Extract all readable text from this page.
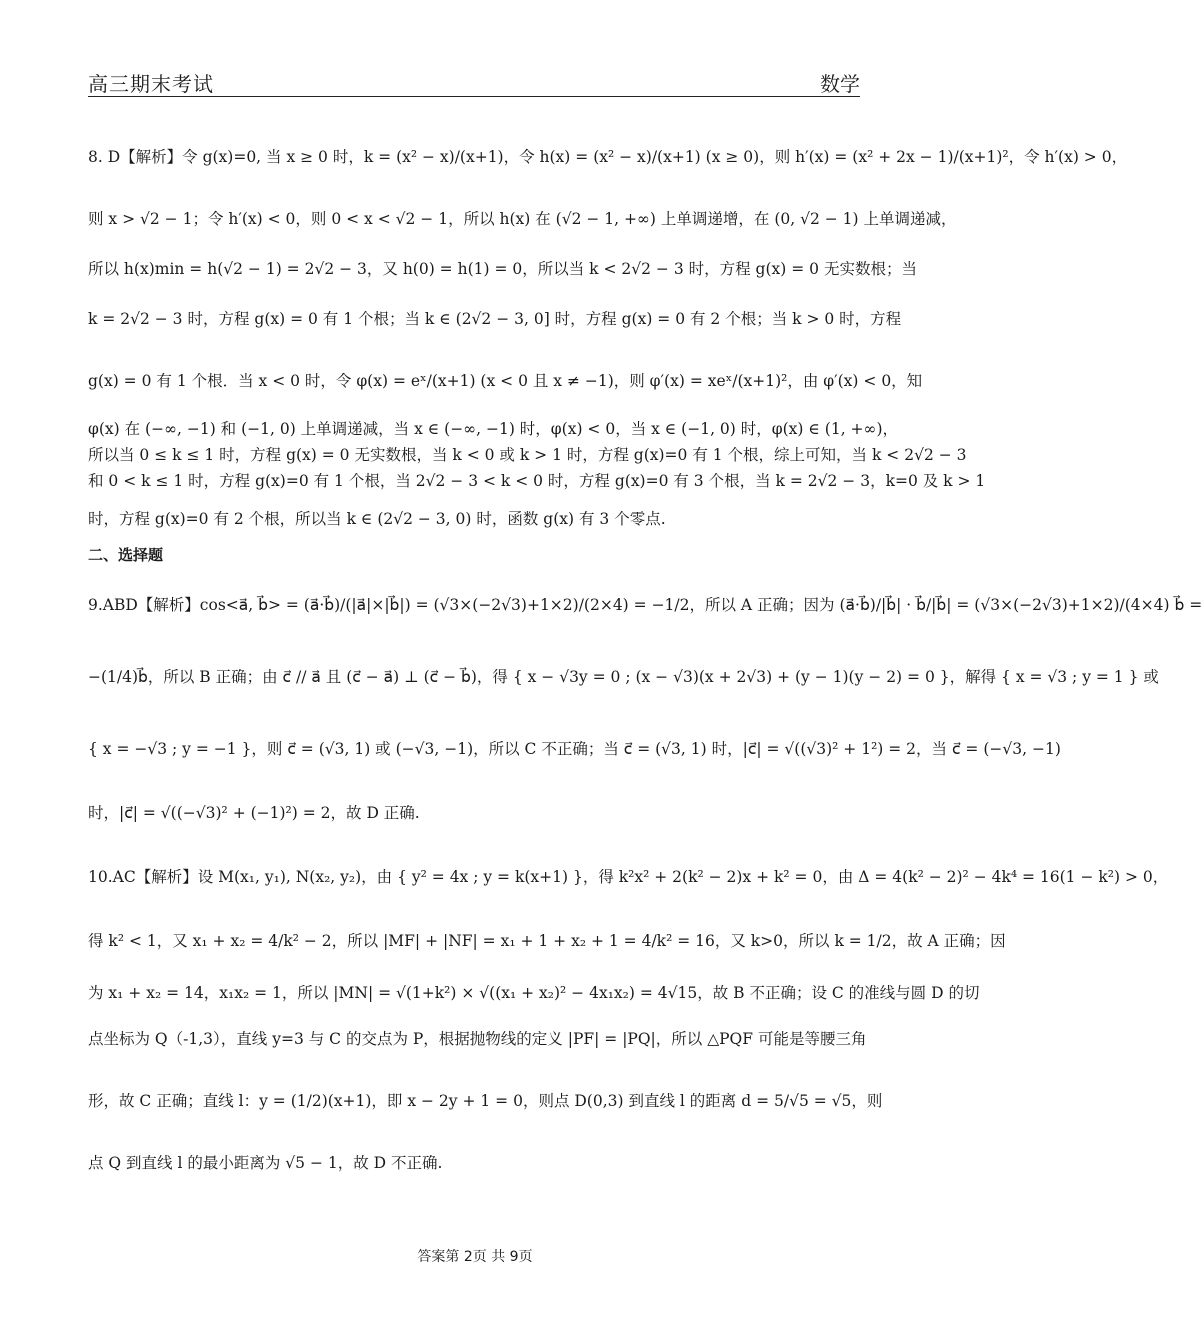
高三期末考试	数学
8. D【解析】令 g(x)=0, 当 x ≥ 0 时，k = (x² − x)/(x+1)，令 h(x) = (x² − x)/(x+1) (x ≥ 0)，则 h′(x) = (x² + 2x − 1)/(x+1)²，令 h′(x) > 0，
则 x > √2 − 1；令 h′(x) < 0，则 0 < x < √2 − 1，所以 h(x) 在 (√2 − 1, +∞) 上单调递增，在 (0, √2 − 1) 上单调递减，
所以 h(x)min = h(√2 − 1) = 2√2 − 3，又 h(0) = h(1) = 0，所以当 k < 2√2 − 3 时，方程 g(x) = 0 无实数根；当
k = 2√2 − 3 时，方程 g(x) = 0 有 1 个根；当 k ∈ (2√2 − 3, 0] 时，方程 g(x) = 0 有 2 个根；当 k > 0 时，方程
g(x) = 0 有 1 个根．当 x < 0 时，令 φ(x) = eˣ/(x+1) (x < 0 且 x ≠ −1)，则 φ′(x) = xeˣ/(x+1)²，由 φ′(x) < 0，知
φ(x) 在 (−∞, −1) 和 (−1, 0) 上单调递减，当 x ∈ (−∞, −1) 时，φ(x) < 0，当 x ∈ (−1, 0) 时，φ(x) ∈ (1, +∞)，
所以当 0 ≤ k ≤ 1 时，方程 g(x) = 0 无实数根，当 k < 0 或 k > 1 时，方程 g(x)=0 有 1 个根，综上可知，当 k < 2√2 − 3
和 0 < k ≤ 1 时，方程 g(x)=0 有 1 个根，当 2√2 − 3 < k < 0 时，方程 g(x)=0 有 3 个根，当 k = 2√2 − 3，k=0 及 k > 1
时，方程 g(x)=0 有 2 个根，所以当 k ∈ (2√2 − 3, 0) 时，函数 g(x) 有 3 个零点.
二、选择题
9.ABD【解析】cos<a⃗, b⃗> = (a⃗·b⃗)/(|a⃗|×|b⃗|) = (√3×(−2√3)+1×2)/(2×4) = −1/2，所以 A 正确；因为 (a⃗·b⃗)/|b⃗| · b⃗/|b⃗| = (√3×(−2√3)+1×2)/(4×4) b⃗ =
−(1/4)b⃗，所以 B 正确；由 c⃗ // a⃗ 且 (c⃗ − a⃗) ⊥ (c⃗ − b⃗)，得 { x − √3y = 0 ; (x − √3)(x + 2√3) + (y − 1)(y − 2) = 0 }，解得 { x = √3 ; y = 1 } 或
{ x = −√3 ; y = −1 }，则 c⃗ = (√3, 1) 或 (−√3, −1)，所以 C 不正确；当 c⃗ = (√3, 1) 时，|c⃗| = √((√3)² + 1²) = 2，当 c⃗ = (−√3, −1)
时，|c⃗| = √((−√3)² + (−1)²) = 2，故 D 正确.
10.AC【解析】设 M(x₁, y₁), N(x₂, y₂)，由 { y² = 4x ; y = k(x+1) }，得 k²x² + 2(k² − 2)x + k² = 0，由 Δ = 4(k² − 2)² − 4k⁴ = 16(1 − k²) > 0，
得 k² < 1，又 x₁ + x₂ = 4/k² − 2，所以 |MF| + |NF| = x₁ + 1 + x₂ + 1 = 4/k² = 16，又 k>0，所以 k = 1/2，故 A 正确；因
为 x₁ + x₂ = 14，x₁x₂ = 1，所以 |MN| = √(1+k²) × √((x₁ + x₂)² − 4x₁x₂) = 4√15，故 B 不正确；设 C 的准线与圆 D 的切
点坐标为 Q（-1,3），直线 y=3 与 C 的交点为 P，根据抛物线的定义 |PF| = |PQ|，所以 △PQF 可能是等腰三角
形，故 C 正确；直线 l：y = (1/2)(x+1)，即 x − 2y + 1 = 0，则点 D(0,3) 到直线 l 的距离 d = 5/√5 = √5，则
点 Q 到直线 l 的最小距离为 √5 − 1，故 D 不正确.
答案第 2页 共 9页
